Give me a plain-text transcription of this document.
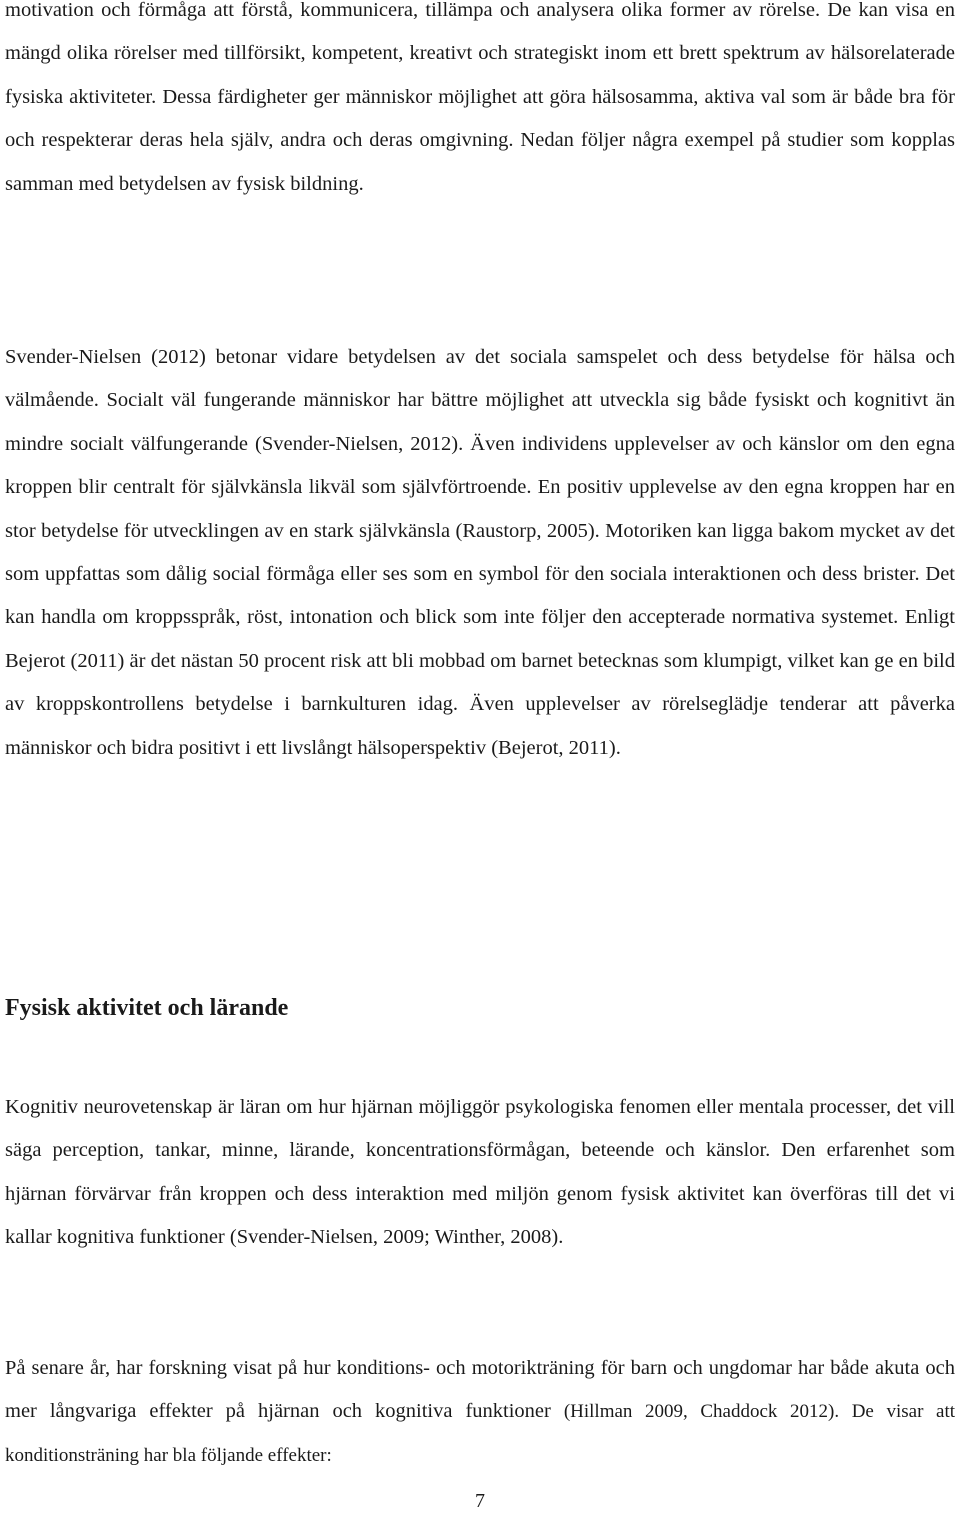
motivation och förmåga att förstå, kommunicera, tillämpa och analysera olika former av rörelse. De kan visa en mängd olika rörelser med tillförsikt, kompetent, kreativt och strategiskt inom ett brett spektrum av hälsorelaterade fysiska aktiviteter. Dessa färdigheter ger människor möjlighet att göra hälsosamma, aktiva val som är både bra för och respekterar deras hela själv, andra och deras omgivning. Nedan följer några exempel på studier som kopplas samman med betydelsen av fysisk bildning.

Svender-Nielsen (2012) betonar vidare betydelsen av det sociala samspelet och dess betydelse för hälsa och välmående. Socialt väl fungerande människor har bättre möjlighet att utveckla sig både fysiskt och kognitivt än mindre socialt välfungerande (Svender-Nielsen, 2012). Även individens upplevelser av och känslor om den egna kroppen blir centralt för självkänsla likväl som självförtroende. En positiv upplevelse av den egna kroppen har en stor betydelse för utvecklingen av en stark självkänsla (Raustorp, 2005). Motoriken kan ligga bakom mycket av det som uppfattas som dålig social förmåga eller ses som en symbol för den sociala interaktionen och dess brister. Det kan handla om kroppsspråk, röst, intonation och blick som inte följer den accepterade normativa systemet. Enligt Bejerot (2011) är det nästan 50 procent risk att bli mobbad om barnet betecknas som klumpigt, vilket kan ge en bild av kroppskontrollens betydelse i barnkulturen idag. Även upplevelser av rörelseglädje tenderar att påverka människor och bidra positivt i ett livslångt hälsoperspektiv (Bejerot, 2011).

Fysisk aktivitet och lärande

Kognitiv neurovetenskap är läran om hur hjärnan möjliggör psykologiska fenomen eller mentala processer, det vill säga perception, tankar, minne, lärande, koncentrationsförmågan, beteende och känslor. Den erfarenhet som hjärnan förvärvar från kroppen och dess interaktion med miljön genom fysisk aktivitet kan överföras till det vi kallar kognitiva funktioner (Svender-Nielsen, 2009; Winther, 2008).

På senare år, har forskning visat på hur konditions- och motorikträning för barn och ungdomar har både akuta och mer långvariga effekter på hjärnan och kognitiva funktioner (Hillman 2009, Chaddock 2012). De visar att konditionsträning har bla följande effekter:

7
